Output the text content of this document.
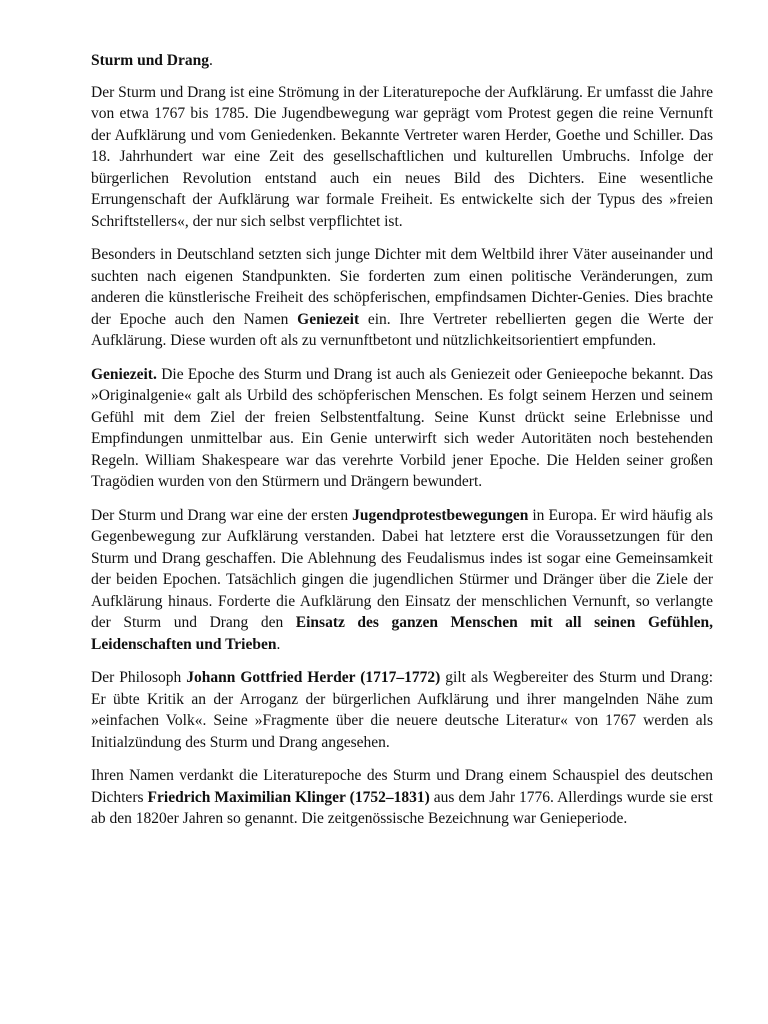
Sturm und Drang.

Der Sturm und Drang ist eine Strömung in der Literaturepoche der Aufklärung. Er umfasst die Jahre von etwa 1767 bis 1785. Die Jugendbewegung war geprägt vom Protest gegen die reine Vernunft der Aufklärung und vom Geniedenken. Bekannte Vertreter waren Herder, Goethe und Schiller. Das 18. Jahrhundert war eine Zeit des gesellschaftlichen und kulturellen Umbruchs. Infolge der bürgerlichen Revolution entstand auch ein neues Bild des Dichters. Eine wesentliche Errungenschaft der Aufklärung war formale Freiheit. Es entwickelte sich der Typus des »freien Schriftstellers«, der nur sich selbst verpflichtet ist.

Besonders in Deutschland setzten sich junge Dichter mit dem Weltbild ihrer Väter auseinander und suchten nach eigenen Standpunkten. Sie forderten zum einen politische Veränderungen, zum anderen die künstlerische Freiheit des schöpferischen, empfindsamen Dichter-Genies. Dies brachte der Epoche auch den Namen Geniezeit ein. Ihre Vertreter rebellierten gegen die Werte der Aufklärung. Diese wurden oft als zu vernunftbetont und nützlichkeitsorientiert empfunden.

Geniezeit. Die Epoche des Sturm und Drang ist auch als Geniezeit oder Genieepoche bekannt. Das »Originalgenie« galt als Urbild des schöpferischen Menschen. Es folgt seinem Herzen und seinem Gefühl mit dem Ziel der freien Selbstentfaltung. Seine Kunst drückt seine Erlebnisse und Empfindungen unmittelbar aus. Ein Genie unterwirft sich weder Autoritäten noch bestehenden Regeln. William Shakespeare war das verehrte Vorbild jener Epoche. Die Helden seiner großen Tragödien wurden von den Stürmern und Drängern bewundert.

Der Sturm und Drang war eine der ersten Jugendprotestbewegungen in Europa. Er wird häufig als Gegenbewegung zur Aufklärung verstanden. Dabei hat letztere erst die Voraussetzungen für den Sturm und Drang geschaffen. Die Ablehnung des Feudalismus indes ist sogar eine Gemeinsamkeit der beiden Epochen. Tatsächlich gingen die jugendlichen Stürmer und Dränger über die Ziele der Aufklärung hinaus. Forderte die Aufklärung den Einsatz der menschlichen Vernunft, so verlangte der Sturm und Drang den Einsatz des ganzen Menschen mit all seinen Gefühlen, Leidenschaften und Trieben.

Der Philosoph Johann Gottfried Herder (1717–1772) gilt als Wegbereiter des Sturm und Drang: Er übte Kritik an der Arroganz der bürgerlichen Aufklärung und ihrer mangelnden Nähe zum »einfachen Volk«. Seine »Fragmente über die neuere deutsche Literatur« von 1767 werden als Initialzündung des Sturm und Drang angesehen.

Ihren Namen verdankt die Literaturepoche des Sturm und Drang einem Schauspiel des deutschen Dichters Friedrich Maximilian Klinger (1752–1831) aus dem Jahr 1776. Allerdings wurde sie erst ab den 1820er Jahren so genannt. Die zeitgenössische Bezeichnung war Genieperiode.
